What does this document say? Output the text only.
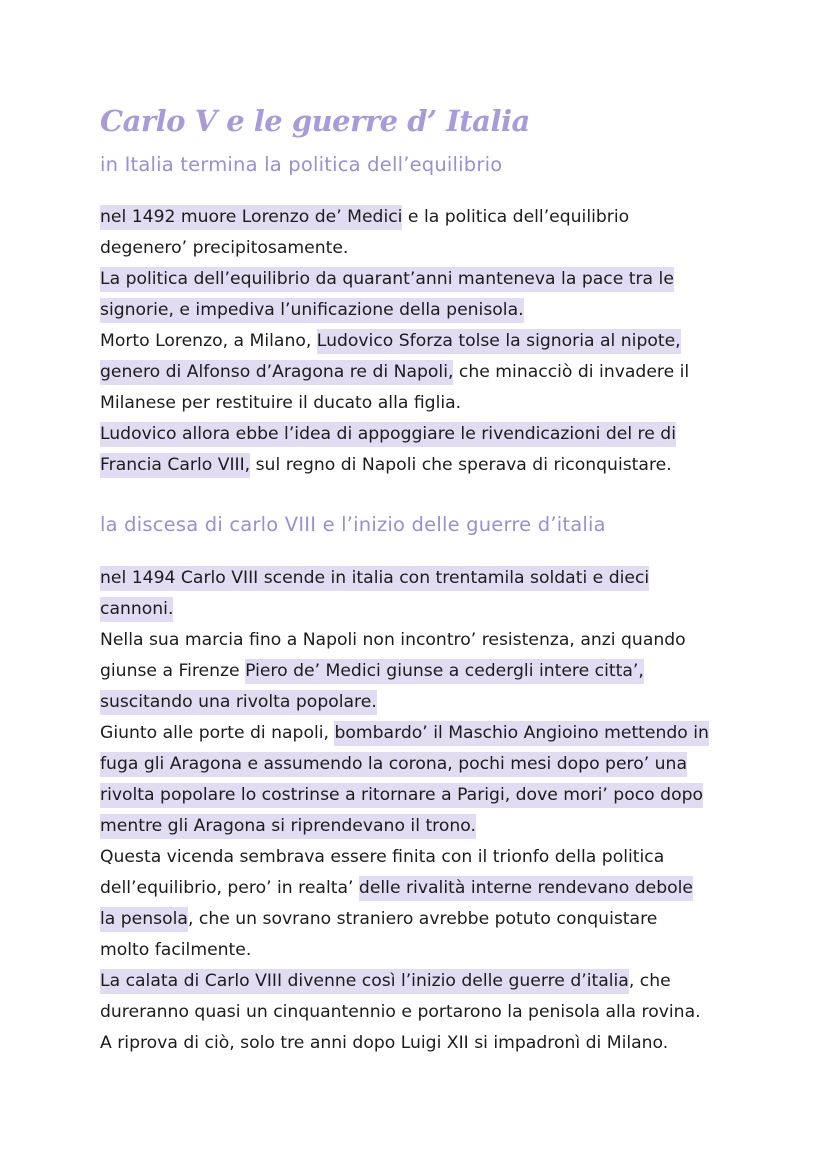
Carlo V e le guerre d’ Italia
in Italia termina la politica dell’equilibrio
nel 1492 muore Lorenzo de’ Medici e la politica dell’equilibrio
degenero’ precipitosamente.
La politica dell’equilibrio da quarant’anni manteneva la pace tra le
signorie, e impediva l’unificazione della penisola.
Morto Lorenzo, a Milano, Ludovico Sforza tolse la signoria al nipote,
genero di Alfonso d’Aragona re di Napoli, che minacciò di invadere il
Milanese per restituire il ducato alla figlia.
Ludovico allora ebbe l’idea di appoggiare le rivendicazioni del re di
Francia Carlo VIII, sul regno di Napoli che sperava di riconquistare.
la discesa di carlo VIII e l’inizio delle guerre d’italia
nel 1494 Carlo VIII scende in italia con trentamila soldati e dieci
cannoni.
Nella sua marcia fino a Napoli non incontro’ resistenza, anzi quando
giunse a Firenze Piero de’ Medici giunse a cedergli intere citta’,
suscitando una rivolta popolare.
Giunto alle porte di napoli, bombardo’ il Maschio Angioino mettendo in
fuga gli Aragona e assumendo la corona, pochi mesi dopo pero’ una
rivolta popolare lo costrinse a ritornare a Parigi, dove mori’ poco dopo
mentre gli Aragona si riprendevano il trono.
Questa vicenda sembrava essere finita con il trionfo della politica
dell’equilibrio, pero’ in realta’ delle rivalità interne rendevano debole
la pensola, che un sovrano straniero avrebbe potuto conquistare
molto facilmente.
La calata di Carlo VIII divenne così l’inizio delle guerre d’italia, che
dureranno quasi un cinquantennio e portarono la penisola alla rovina.
A riprova di ciò, solo tre anni dopo Luigi XII si impadronì di Milano.
